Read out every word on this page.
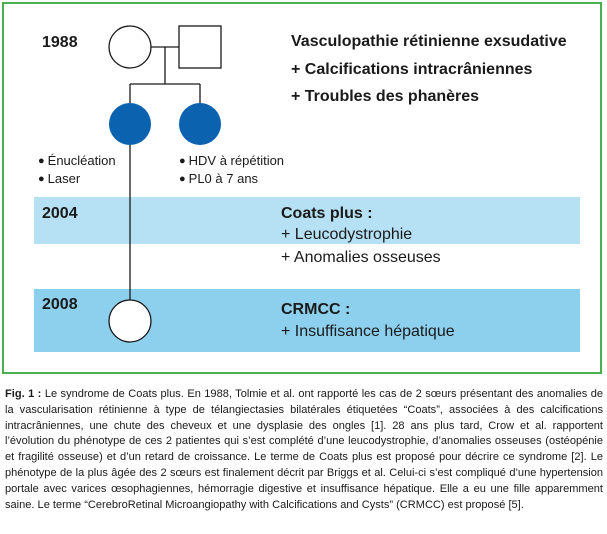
1988
2004
2008
Vasculopathie rétinienne exsudative
+ Calcifications intracrâniennes
+ Troubles des phanères
● Énucléation
● Laser
● HDV à répétition
● PL0 à 7 ans
Coats plus :
+ Leucodystrophie
+ Anomalies osseuses
CRMCC :
+ Insuffisance hépatique
Fig. 1 : Le syndrome de Coats plus. En 1988, Tolmie et al. ont rapporté les cas de 2 sœurs présentant des anomalies de la vascularisation rétinienne à type de télangiectasies bilatérales étiquetées “Coats”, associées à des calcifications intracrâniennes, une chute des cheveux et une dysplasie des ongles [1]. 28 ans plus tard, Crow et al. rapportent l’évolution du phénotype de ces 2 patientes qui s’est complété d’une leucodystrophie, d’anomalies osseuses (ostéopénie et fragilité osseuse) et d’un retard de croissance. Le terme de Coats plus est proposé pour décrire ce syndrome [2]. Le phénotype de la plus âgée des 2 sœurs est finalement décrit par Briggs et al. Celui-ci s’est compliqué d’une hypertension portale avec varices œsophagiennes, hémorragie digestive et insuffisance hépatique. Elle a eu une fille apparemment saine. Le terme “CerebroRetinal Microangiopathy with Calcifications and Cysts” (CRMCC) est proposé [5].
